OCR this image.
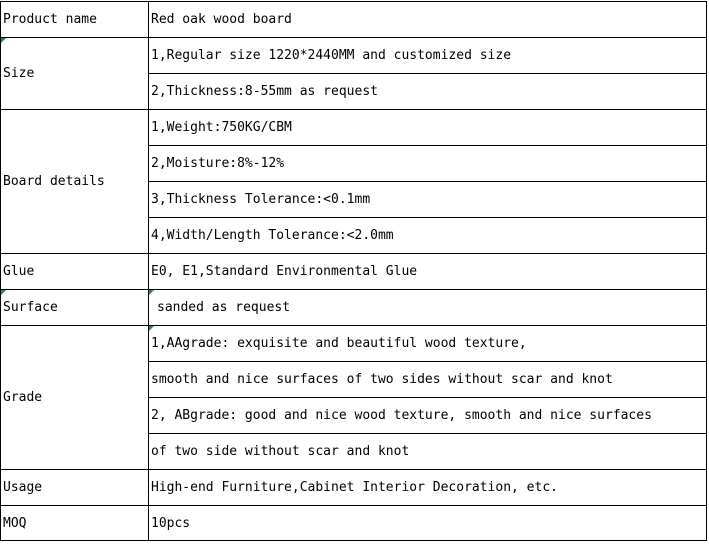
Product name	Red oak wood board

Size	1,Regular size 1220*2440MM and customized size
	2,Thickness:8-55mm as request
Board details	1,Weight:750KG/CBM
	2,Moisture:8%-12%
	3,Thickness Tolerance:<0.1mm
	4,Width/Length Tolerance:<2.0mm
Glue	E0, E1,Standard Environmental Glue

Surface	sanded as request
Grade	1,AAgrade: exquisite and beautiful wood texture,
	smooth and nice surfaces of two sides without scar and knot
	2, ABgrade: good and nice wood texture, smooth and nice surfaces
	of two side without scar and knot
Usage	High-end Furniture,Cabinet Interior Decoration, etc.
MOQ	10pcs
